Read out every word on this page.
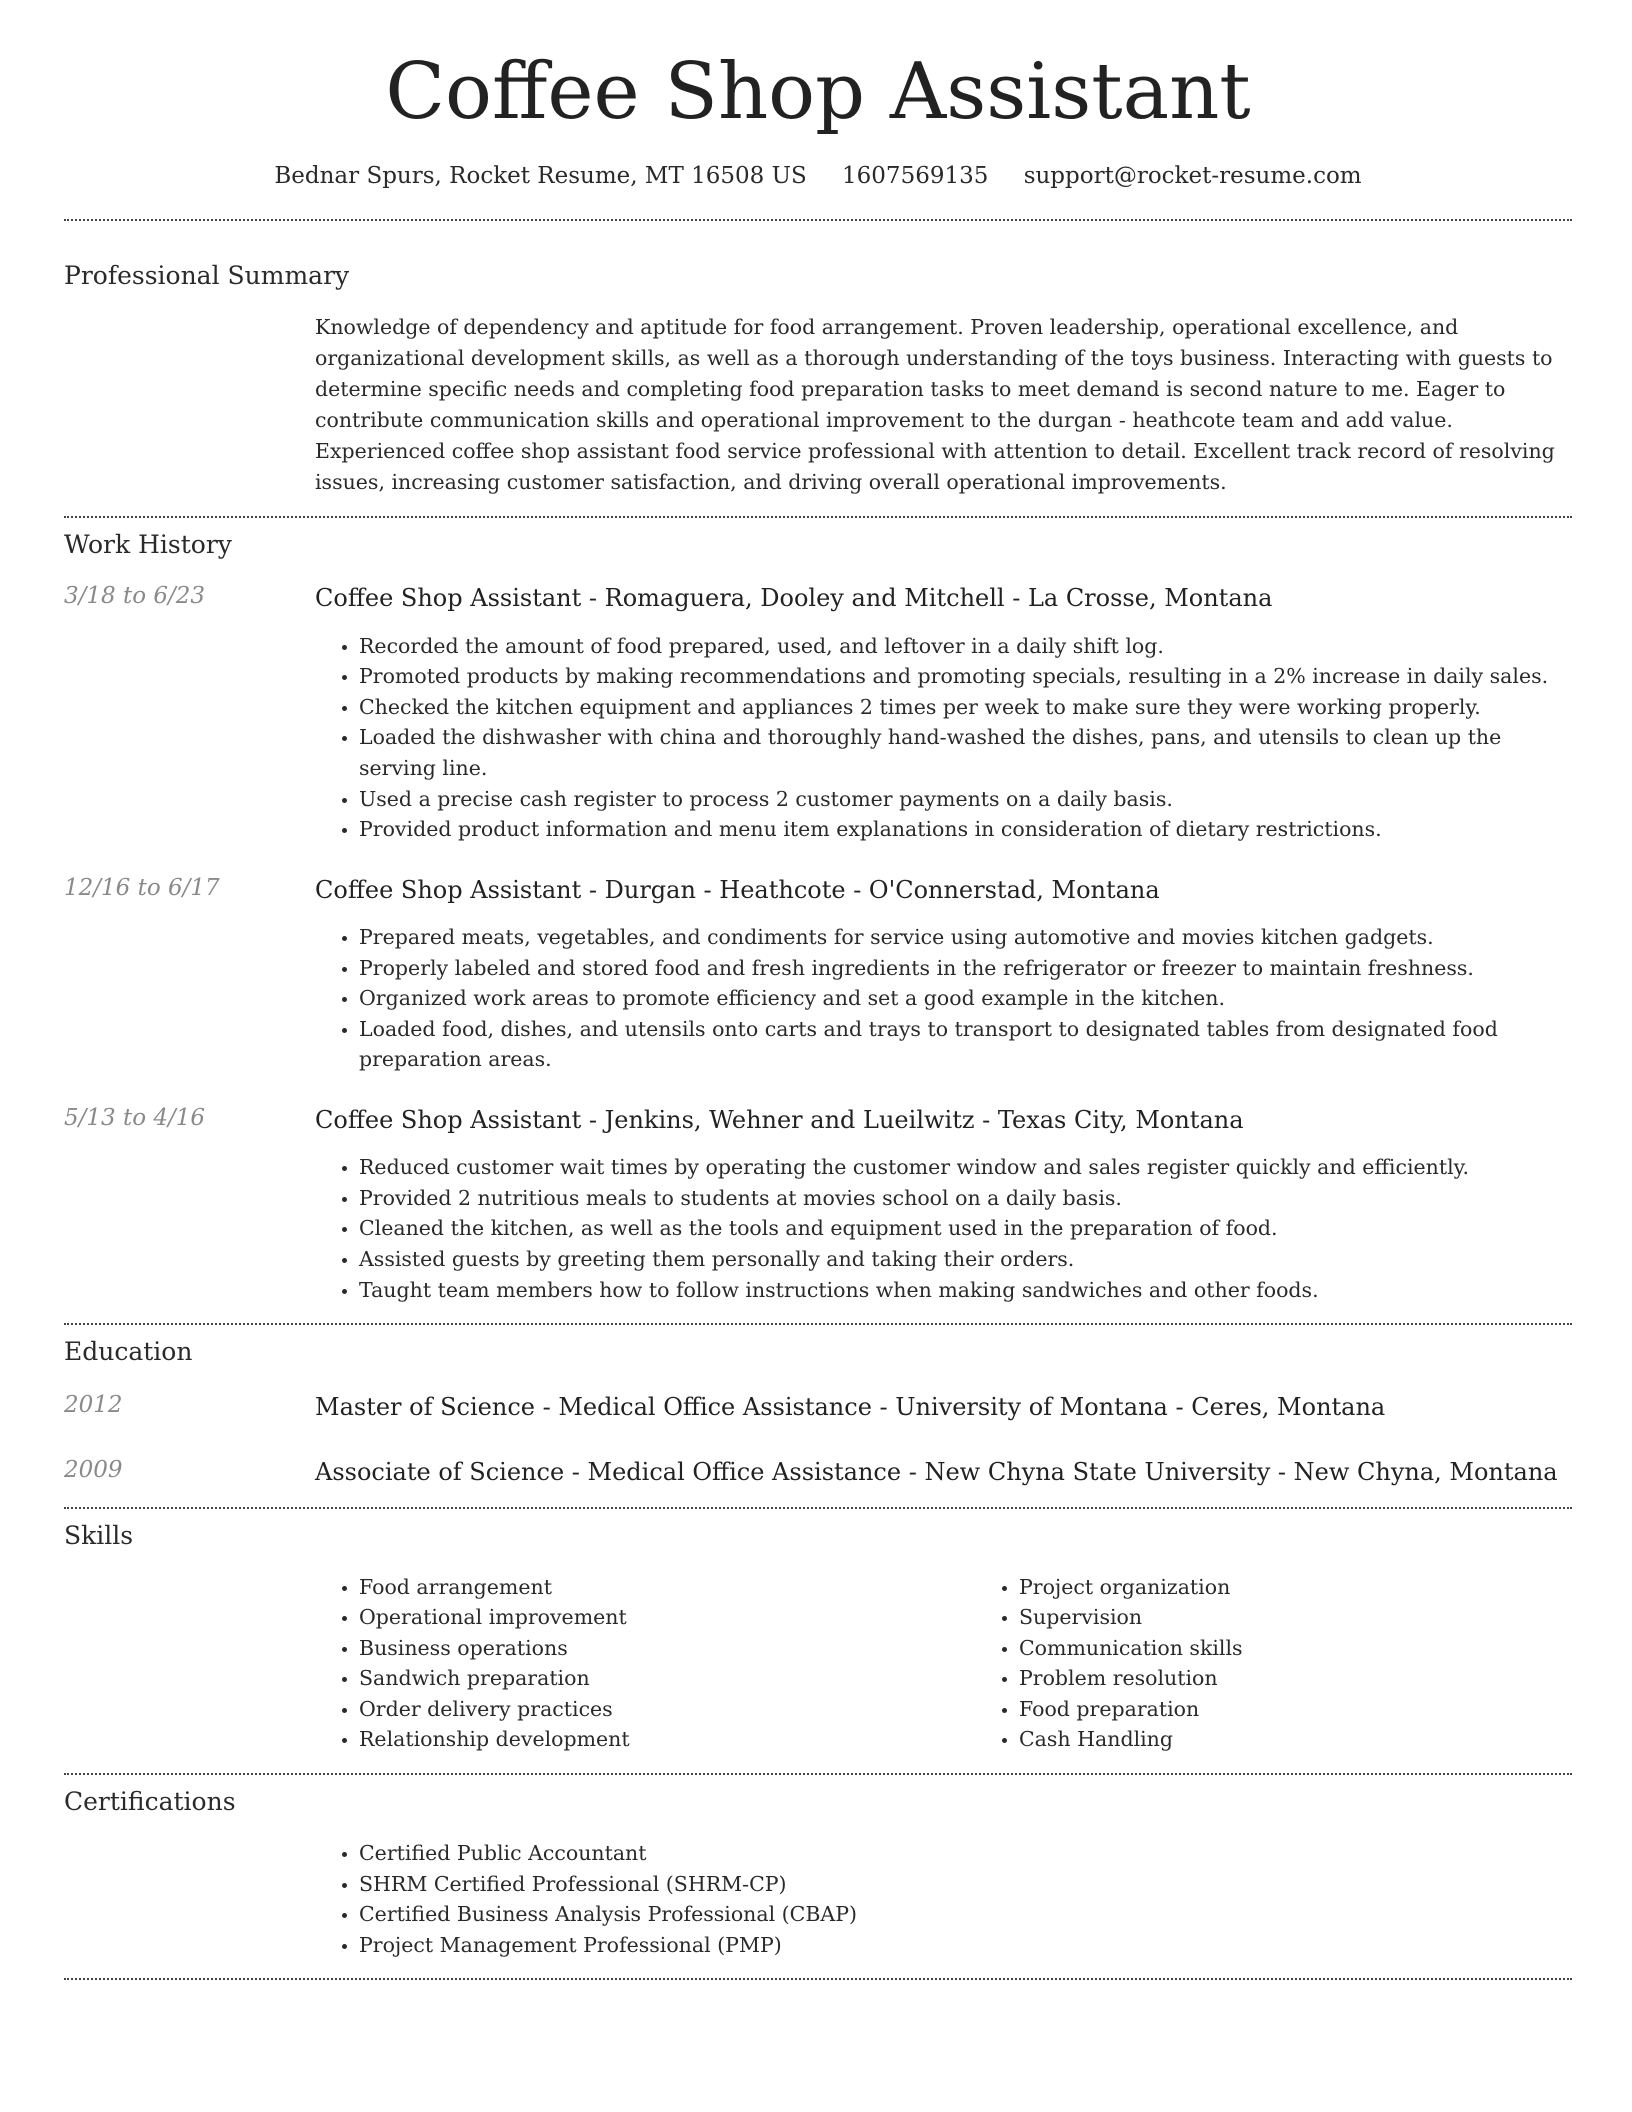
Coffee Shop Assistant
Bednar Spurs, Rocket Resume, MT 16508 US 1607569135 support@rocket-resume.com
Professional Summary
Knowledge of dependency and aptitude for food arrangement. Proven leadership, operational excellence, and organizational development skills, as well as a thorough understanding of the toys business. Interacting with guests to determine specific needs and completing food preparation tasks to meet demand is second nature to me. Eager to contribute communication skills and operational improvement to the durgan - heathcote team and add value. Experienced coffee shop assistant food service professional with attention to detail. Excellent track record of resolving issues, increasing customer satisfaction, and driving overall operational improvements.
Work History
3/18 to 6/23	Coffee Shop Assistant - Romaguera, Dooley and Mitchell - La Crosse, Montana
• Recorded the amount of food prepared, used, and leftover in a daily shift log.
• Promoted products by making recommendations and promoting specials, resulting in a 2% increase in daily sales.
• Checked the kitchen equipment and appliances 2 times per week to make sure they were working properly.
• Loaded the dishwasher with china and thoroughly hand-washed the dishes, pans, and utensils to clean up the serving line.
• Used a precise cash register to process 2 customer payments on a daily basis.
• Provided product information and menu item explanations in consideration of dietary restrictions.
12/16 to 6/17	Coffee Shop Assistant - Durgan - Heathcote - O'Connerstad, Montana
• Prepared meats, vegetables, and condiments for service using automotive and movies kitchen gadgets.
• Properly labeled and stored food and fresh ingredients in the refrigerator or freezer to maintain freshness.
• Organized work areas to promote efficiency and set a good example in the kitchen.
• Loaded food, dishes, and utensils onto carts and trays to transport to designated tables from designated food preparation areas.
5/13 to 4/16	Coffee Shop Assistant - Jenkins, Wehner and Lueilwitz - Texas City, Montana
• Reduced customer wait times by operating the customer window and sales register quickly and efficiently.
• Provided 2 nutritious meals to students at movies school on a daily basis.
• Cleaned the kitchen, as well as the tools and equipment used in the preparation of food.
• Assisted guests by greeting them personally and taking their orders.
• Taught team members how to follow instructions when making sandwiches and other foods.
Education
2012	Master of Science - Medical Office Assistance - University of Montana - Ceres, Montana
2009	Associate of Science - Medical Office Assistance - New Chyna State University - New Chyna, Montana
Skills
• Food arrangement
• Operational improvement
• Business operations
• Sandwich preparation
• Order delivery practices
• Relationship development
• Project organization
• Supervision
• Communication skills
• Problem resolution
• Food preparation
• Cash Handling
Certifications
• Certified Public Accountant
• SHRM Certified Professional (SHRM-CP)
• Certified Business Analysis Professional (CBAP)
• Project Management Professional (PMP)
